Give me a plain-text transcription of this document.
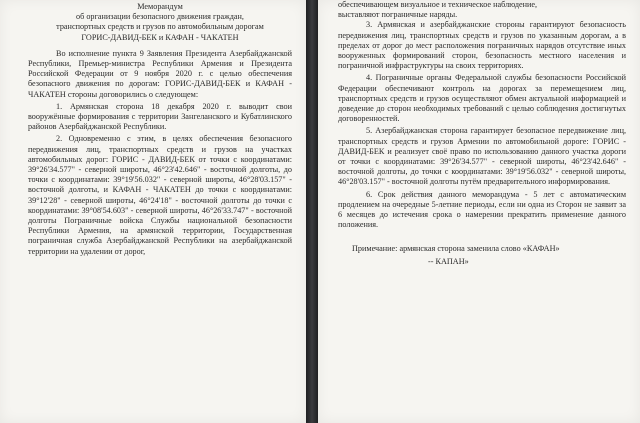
Меморандум
об организации безопасного движения граждан,
транспортных средств и грузов по автомобильным дорогам
ГОРИС-ДАВИД-БЕК и КАФАН - ЧАКАТЕН

Во исполнение пункта 9 Заявления Президента Азербайджанской Республики, Премьер-министра Республики Армения и Президента Российской Федерации от 9 ноября 2020 г. с целью обеспечения безопасного движения по дорогам: ГОРИС-ДАВИД-БЕК и КАФАН - ЧАКАТЕН стороны договорились о следующем:

1. Армянская сторона 18 декабря 2020 г. выводит свои вооружённые формирования с территории Зангеланского и Кубатлинского районов Азербайджанской Республики.

2. Одновременно с этим, в целях обеспечения безопасного передвижения лиц, транспортных средств и грузов на участках автомобильных дорог: ГОРИС - ДАВИД-БЕК от точки с координатами: 39°26'34.577" - северной широты, 46°23'42.646" - восточной долготы, до точки с координатами: 39°19'56.032" - северной широты, 46°28'03.157" - восточной долготы, и КАФАН - ЧАКАТЕН до точки с координатами: 39°12'28" - северной широты, 46°24'18" - восточной долготы до точки с координатами: 39°08'54.603" - северной широты, 46°26'33.747" - восточной долготы Пограничные войска Службы национальной безопасности Республики Армения, на армянской территории, Государственная пограничная служба Азербайджанской Республики на азербайджанской территории на удалении от дорог,

обеспечивающем визуальное и техническое наблюдение,
выставляют пограничные наряды.

3. Армянская и азербайджанские стороны гарантируют безопасность передвижения лиц, транспортных средств и грузов по указанным дорогам, а в пределах от дорог до мест расположения пограничных нарядов отсутствие иных вооруженных формирований сторон, безопасность местного населения и пограничной инфраструктуры на своих территориях.

4. Пограничные органы Федеральной службы безопасности Российской Федерации обеспечивают контроль на дорогах за перемещением лиц, транспортных средств и грузов осуществляют обмен актуальной информацией и доведение до сторон необходимых требований с целью соблюдения достигнутых договоренностей.

5. Азербайджанская сторона гарантирует безопасное передвижение лиц, транспортных средств и грузов Армении по автомобильной дороге: ГОРИС - ДАВИД-БЕК и реализует своё право по использованию данного участка дороги от точки с координатами: 39°26'34.577" - северной широты, 46°23'42.646" - восточной долготы, до точки с координатами: 39°19'56.032" - северной широты, 46°28'03.157" - восточной долготы путём предварительного информирования.

6. Срок действия данного меморандума - 5 лет с автоматическим продлением на очередные 5-летние периоды, если ни одна из Сторон не заявит за 6 месяцев до истечения срока о намерении прекратить применение данного положения.

Примечание: армянская сторона заменила слово «КАФАН»

-- КАПАН»
